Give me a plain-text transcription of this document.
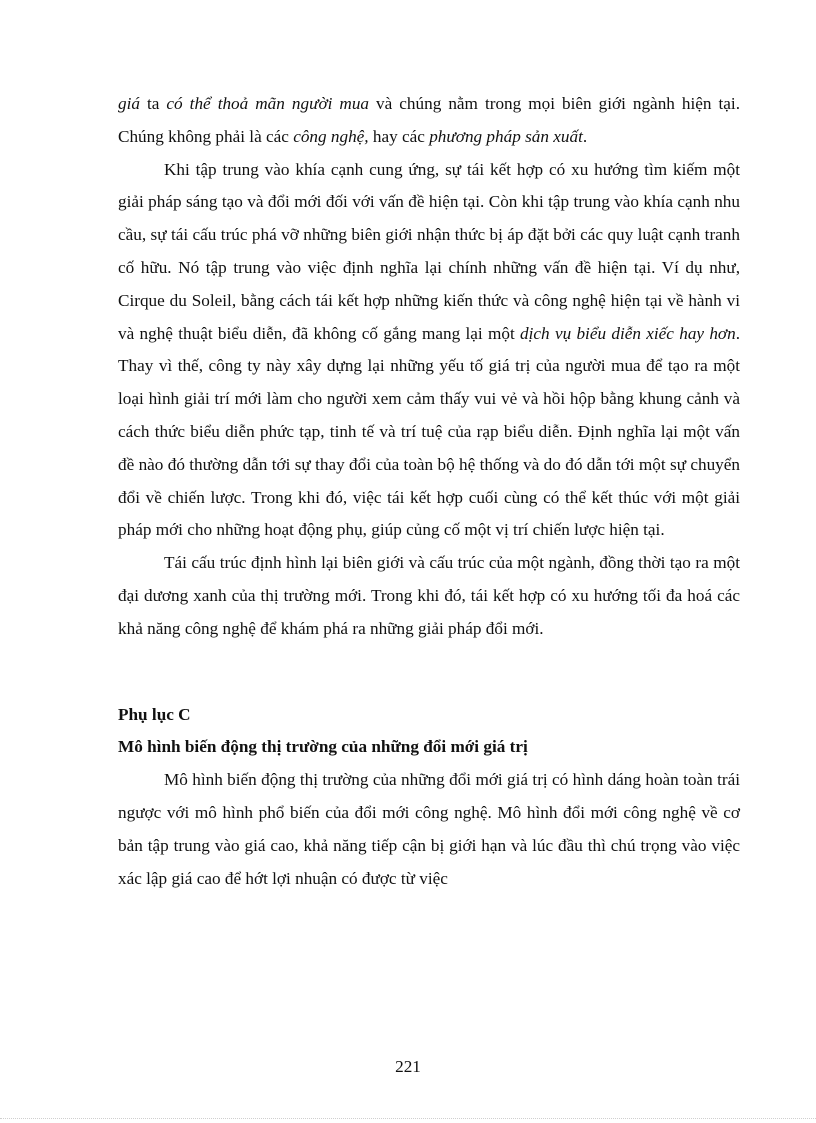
giá ta có thể thoả mãn người mua và chúng nằm trong mọi biên giới ngành hiện tại. Chúng không phải là các công nghệ, hay các phương pháp sản xuất.

Khi tập trung vào khía cạnh cung ứng, sự tái kết hợp có xu hướng tìm kiếm một giải pháp sáng tạo và đổi mới đối với vấn đề hiện tại. Còn khi tập trung vào khía cạnh nhu cầu, sự tái cấu trúc phá vỡ những biên giới nhận thức bị áp đặt bởi các quy luật cạnh tranh cố hữu. Nó tập trung vào việc định nghĩa lại chính những vấn đề hiện tại. Ví dụ như, Cirque du Soleil, bằng cách tái kết hợp những kiến thức và công nghệ hiện tại về hành vi và nghệ thuật biểu diễn, đã không cố gắng mang lại một dịch vụ biểu diễn xiếc hay hơn. Thay vì thế, công ty này xây dựng lại những yếu tố giá trị của người mua để tạo ra một loại hình giải trí mới làm cho người xem cảm thấy vui vẻ và hồi hộp bằng khung cảnh và cách thức biểu diễn phức tạp, tinh tế và trí tuệ của rạp biểu diễn. Định nghĩa lại một vấn đề nào đó thường dẫn tới sự thay đổi của toàn bộ hệ thống và do đó dẫn tới một sự chuyển đổi về chiến lược. Trong khi đó, việc tái kết hợp cuối cùng có thể kết thúc với một giải pháp mới cho những hoạt động phụ, giúp củng cố một vị trí chiến lược hiện tại.

Tái cấu trúc định hình lại biên giới và cấu trúc của một ngành, đồng thời tạo ra một đại dương xanh của thị trường mới. Trong khi đó, tái kết hợp có xu hướng tối đa hoá các khả năng công nghệ để khám phá ra những giải pháp đổi mới.

Phụ lục C

Mô hình biến động thị trường của những đổi mới giá trị

Mô hình biến động thị trường của những đổi mới giá trị có hình dáng hoàn toàn trái ngược với mô hình phổ biến của đổi mới công nghệ. Mô hình đổi mới công nghệ về cơ bản tập trung vào giá cao, khả năng tiếp cận bị giới hạn và lúc đầu thì chú trọng vào việc xác lập giá cao để hớt lợi nhuận có được từ việc

221
